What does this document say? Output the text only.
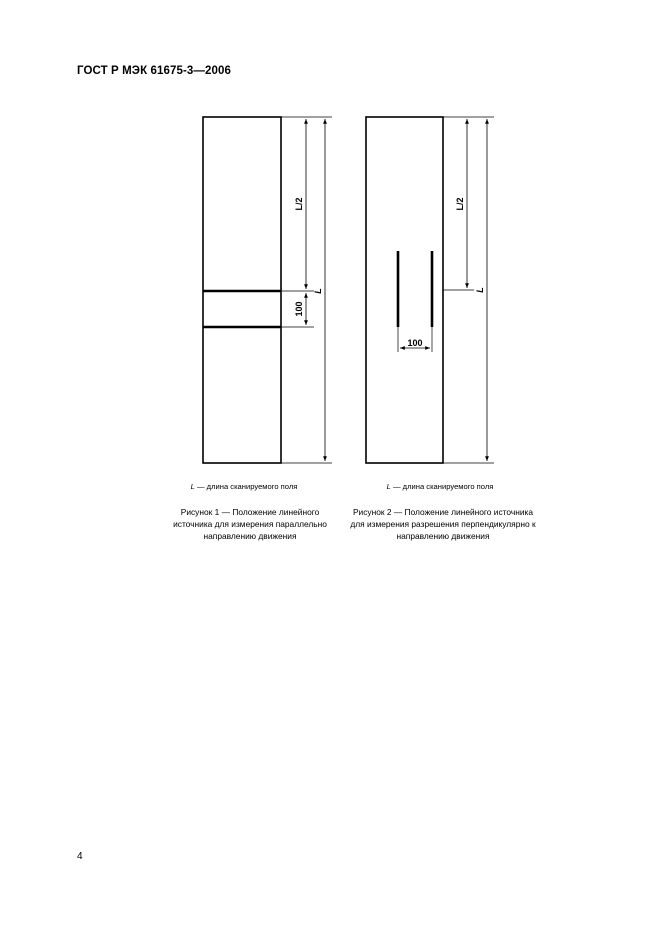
ГОСТ Р МЭК 61675-3—2006
L/2
100
L
100
L/2
L
L — длина сканируемого поля	L — длина сканируемого поля
Рисунок 1 — Положение линейного источника для измерения параллельно направлению движения
Рисунок 2 — Положение линейного источника для измерения разрешения перпендикулярно к направлению движения
4
